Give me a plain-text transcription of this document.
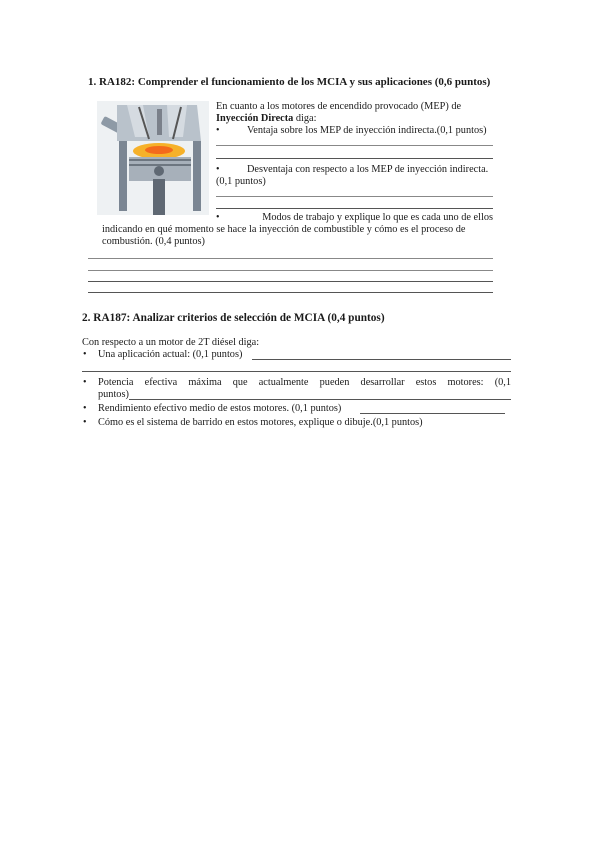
1. RA182: Comprender el funcionamiento de los MCIA y sus aplicaciones (0,6 puntos)
En cuanto a los motores de encendido provocado (MEP) de
Inyección Directa diga:
•	Ventaja sobre los MEP de inyección indirecta.(0,1 puntos)
•	Desventaja con respecto a los MEP de inyección indirecta.
(0,1 puntos)
•	Modos de trabajo y explique lo que es cada uno de ellos
indicando en qué momento se hace la inyección de combustible y cómo es el proceso de
combustión. (0,4 puntos)
2. RA187: Analizar criterios de selección de MCIA (0,4 puntos)
Con respecto a un motor de 2T diésel diga:
• Una aplicación actual: (0,1 puntos)
• Potencia efectiva máxima que actualmente pueden desarrollar estos motores: (0,1
puntos)
• Rendimiento efectivo medio de estos motores. (0,1 puntos)
• Cómo es el sistema de barrido en estos motores, explique o dibuje.(0,1 puntos)
